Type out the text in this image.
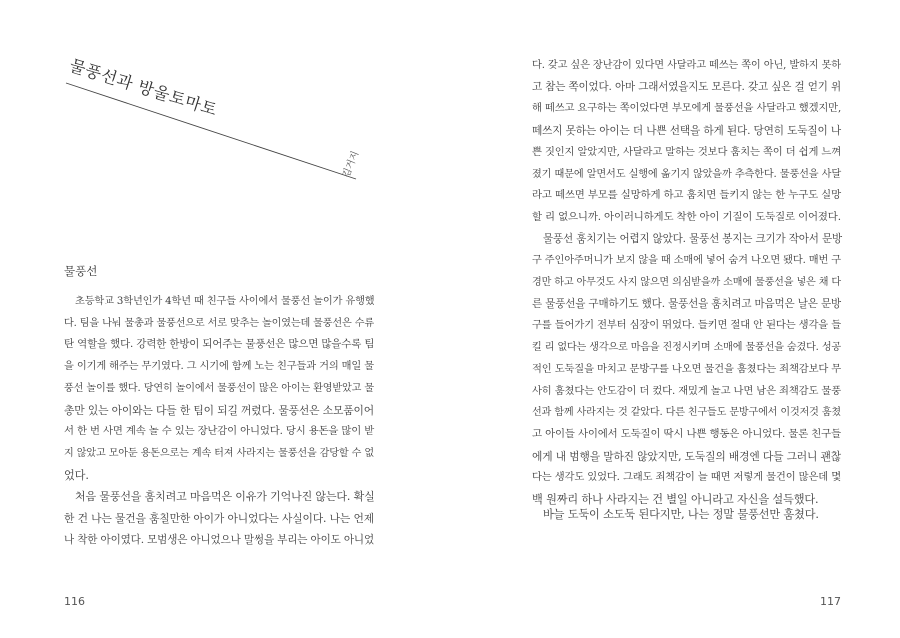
물풍선과 방울토마토
김거지
물풍선
초등학교 3학년인가 4학년 때 친구들 사이에서 물풍선 놀이가 유행했
다. 팀을 나눠 물총과 물풍선으로 서로 맞추는 놀이였는데 물풍선은 수류
탄 역할을 했다. 강력한 한방이 되어주는 물풍선은 많으면 많을수록 팀
을 이기게 해주는 무기였다. 그 시기에 함께 노는 친구들과 거의 매일 물
풍선 놀이를 했다. 당연히 놀이에서 물풍선이 많은 아이는 환영받았고 물
총만 있는 아이와는 다들 한 팀이 되길 꺼렸다. 물풍선은 소모품이어
서 한 번 사면 계속 놀 수 있는 장난감이 아니었다. 당시 용돈을 많이 받
지 않았고 모아둔 용돈으로는 계속 터져 사라지는 물풍선을 감당할 수 없
었다.
처음 물풍선을 훔치려고 마음먹은 이유가 기억나진 않는다. 확실
한 건 나는 물건을 훔칠만한 아이가 아니었다는 사실이다. 나는 언제
나 착한 아이였다. 모범생은 아니었으나 말썽을 부리는 아이도 아니었
116
다. 갖고 싶은 장난감이 있다면 사달라고 떼쓰는 쪽이 아닌, 발하지 못하
고 참는 쪽이었다. 아마 그래서였을지도 모른다. 갖고 싶은 걸 얻기 위
해 떼쓰고 요구하는 쪽이었다면 부모에게 물풍선을 사달라고 했겠지만,
떼쓰지 못하는 아이는 더 나쁜 선택을 하게 된다. 당연히 도둑질이 나
쁜 짓인지 알았지만, 사달라고 말하는 것보다 훔치는 쪽이 더 쉽게 느껴
졌기 때문에 알면서도 실행에 옮기지 않았을까 추측한다. 물풍선을 사달
라고 떼쓰면 부모를 실망하게 하고 훔치면 들키지 않는 한 누구도 실망
할 리 없으니까. 아이러니하게도 착한 아이 기질이 도둑질로 이어졌다.
물풍선 훔치기는 어렵지 않았다. 물풍선 봉지는 크기가 작아서 문방
구 주인아주머니가 보지 않을 때 소매에 넣어 숨겨 나오면 됐다. 매번 구
경만 하고 아무것도 사지 않으면 의심받을까 소매에 물풍선을 넣은 채 다
른 물풍선을 구매하기도 했다. 물풍선을 훔치려고 마음먹은 날은 문방
구를 들어가기 전부터 심장이 뛰었다. 들키면 절대 안 된다는 생각을 들
킬 리 없다는 생각으로 마음을 진정시키며 소매에 물풍선을 숨겼다. 성공
적인 도둑질을 마치고 문방구를 나오면 물건을 훔쳤다는 죄책감보다 무
사히 훔쳤다는 안도감이 더 컸다. 재밌게 놀고 나면 남은 죄책감도 물풍
선과 함께 사라지는 것 같았다. 다른 친구들도 문방구에서 이것저것 훔쳤
고 아이들 사이에서 도둑질이 딱시 나쁜 행동은 아니었다. 물론 친구들
에게 내 범행을 말하진 않았지만, 도둑질의 배경엔 다들 그러니 괜찮
다는 생각도 있었다. 그래도 죄책감이 늘 때면 저렇게 물건이 많은데 몇
백 원짜리 하나 사라지는 건 별일 아니라고 자신을 설득했다.
바늘 도둑이 소도둑 된다지만, 나는 정말 물풍선만 훔쳤다.
117
